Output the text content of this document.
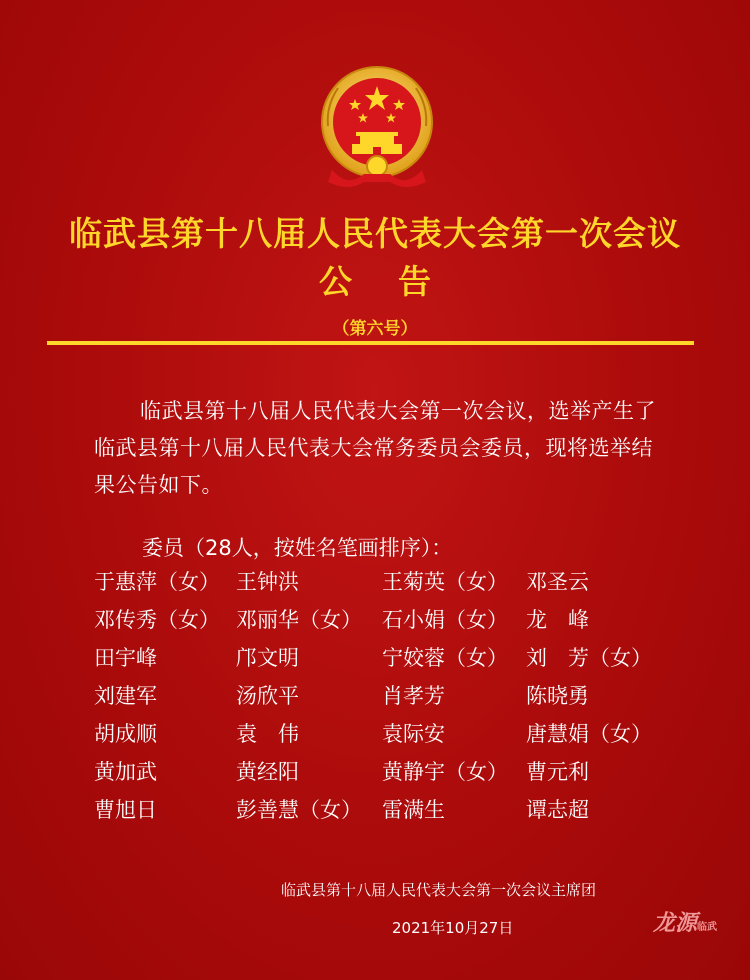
临武县第十八届人民代表大会第一次会议
公告
（第六号）
临武县第十八届人民代表大会第一次会议，选举产生了临武县第十八届人民代表大会常务委员会委员，现将选举结果公告如下。
委员（28人，按姓名笔画排序）：
于惠萍（女） 王钟洪	王菊英（女） 邓圣云
邓传秀（女） 邓丽华（女） 石小娟（女） 龙　峰
田宇峰	邝文明	宁姣蓉（女） 刘　芳（女）
刘建军	汤欣平	肖孝芳	陈晓勇
胡成顺	袁　伟	袁际安	唐慧娟（女）
黄加武	黄经阳	黄静宇（女） 曹元利
曹旭日	彭善慧（女） 雷满生	谭志超
临武县第十八届人民代表大会第一次会议主席团
2021年10月27日	龙源临武
